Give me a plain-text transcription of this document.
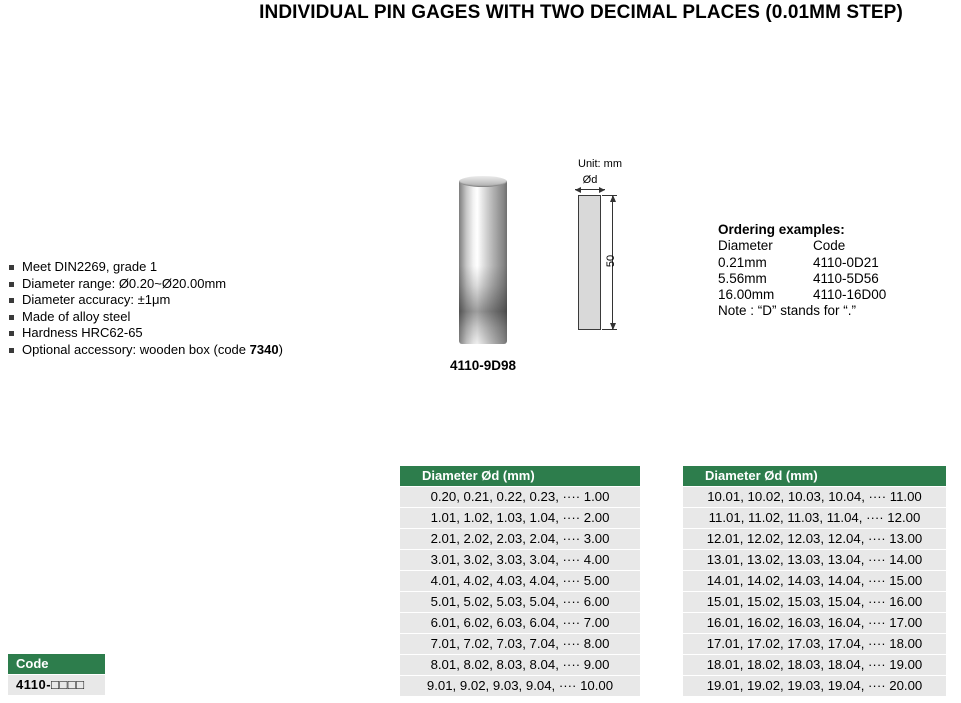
INDIVIDUAL PIN GAGES WITH TWO DECIMAL PLACES (0.01MM STEP)
Meet DIN2269, grade 1
Diameter range: Ø0.20~Ø20.00mm
Diameter accuracy: ±1μm
Made of alloy steel
Hardness HRC62-65
Optional accessory: wooden box (code 7340)
4110-9D98
Unit: mm
Ød
50
Ordering examples:
Diameter	Code
0.21mm	4110-0D21
5.56mm	4110-5D56
16.00mm	4110-16D00
Note : “D” stands for “.”
Diameter Ød (mm)
0.20, 0.21, 0.22, 0.23, ···· 1.00
1.01, 1.02, 1.03, 1.04, ···· 2.00
2.01, 2.02, 2.03, 2.04, ···· 3.00
3.01, 3.02, 3.03, 3.04, ···· 4.00
4.01, 4.02, 4.03, 4.04, ···· 5.00
5.01, 5.02, 5.03, 5.04, ···· 6.00
6.01, 6.02, 6.03, 6.04, ···· 7.00
7.01, 7.02, 7.03, 7.04, ···· 8.00
8.01, 8.02, 8.03, 8.04, ···· 9.00
9.01, 9.02, 9.03, 9.04, ···· 10.00
Diameter Ød (mm)
10.01, 10.02, 10.03, 10.04, ···· 11.00
11.01, 11.02, 11.03, 11.04, ···· 12.00
12.01, 12.02, 12.03, 12.04, ···· 13.00
13.01, 13.02, 13.03, 13.04, ···· 14.00
14.01, 14.02, 14.03, 14.04, ···· 15.00
15.01, 15.02, 15.03, 15.04, ···· 16.00
16.01, 16.02, 16.03, 16.04, ···· 17.00
17.01, 17.02, 17.03, 17.04, ···· 18.00
18.01, 18.02, 18.03, 18.04, ···· 19.00
19.01, 19.02, 19.03, 19.04, ···· 20.00
Code
4110-□□□□
